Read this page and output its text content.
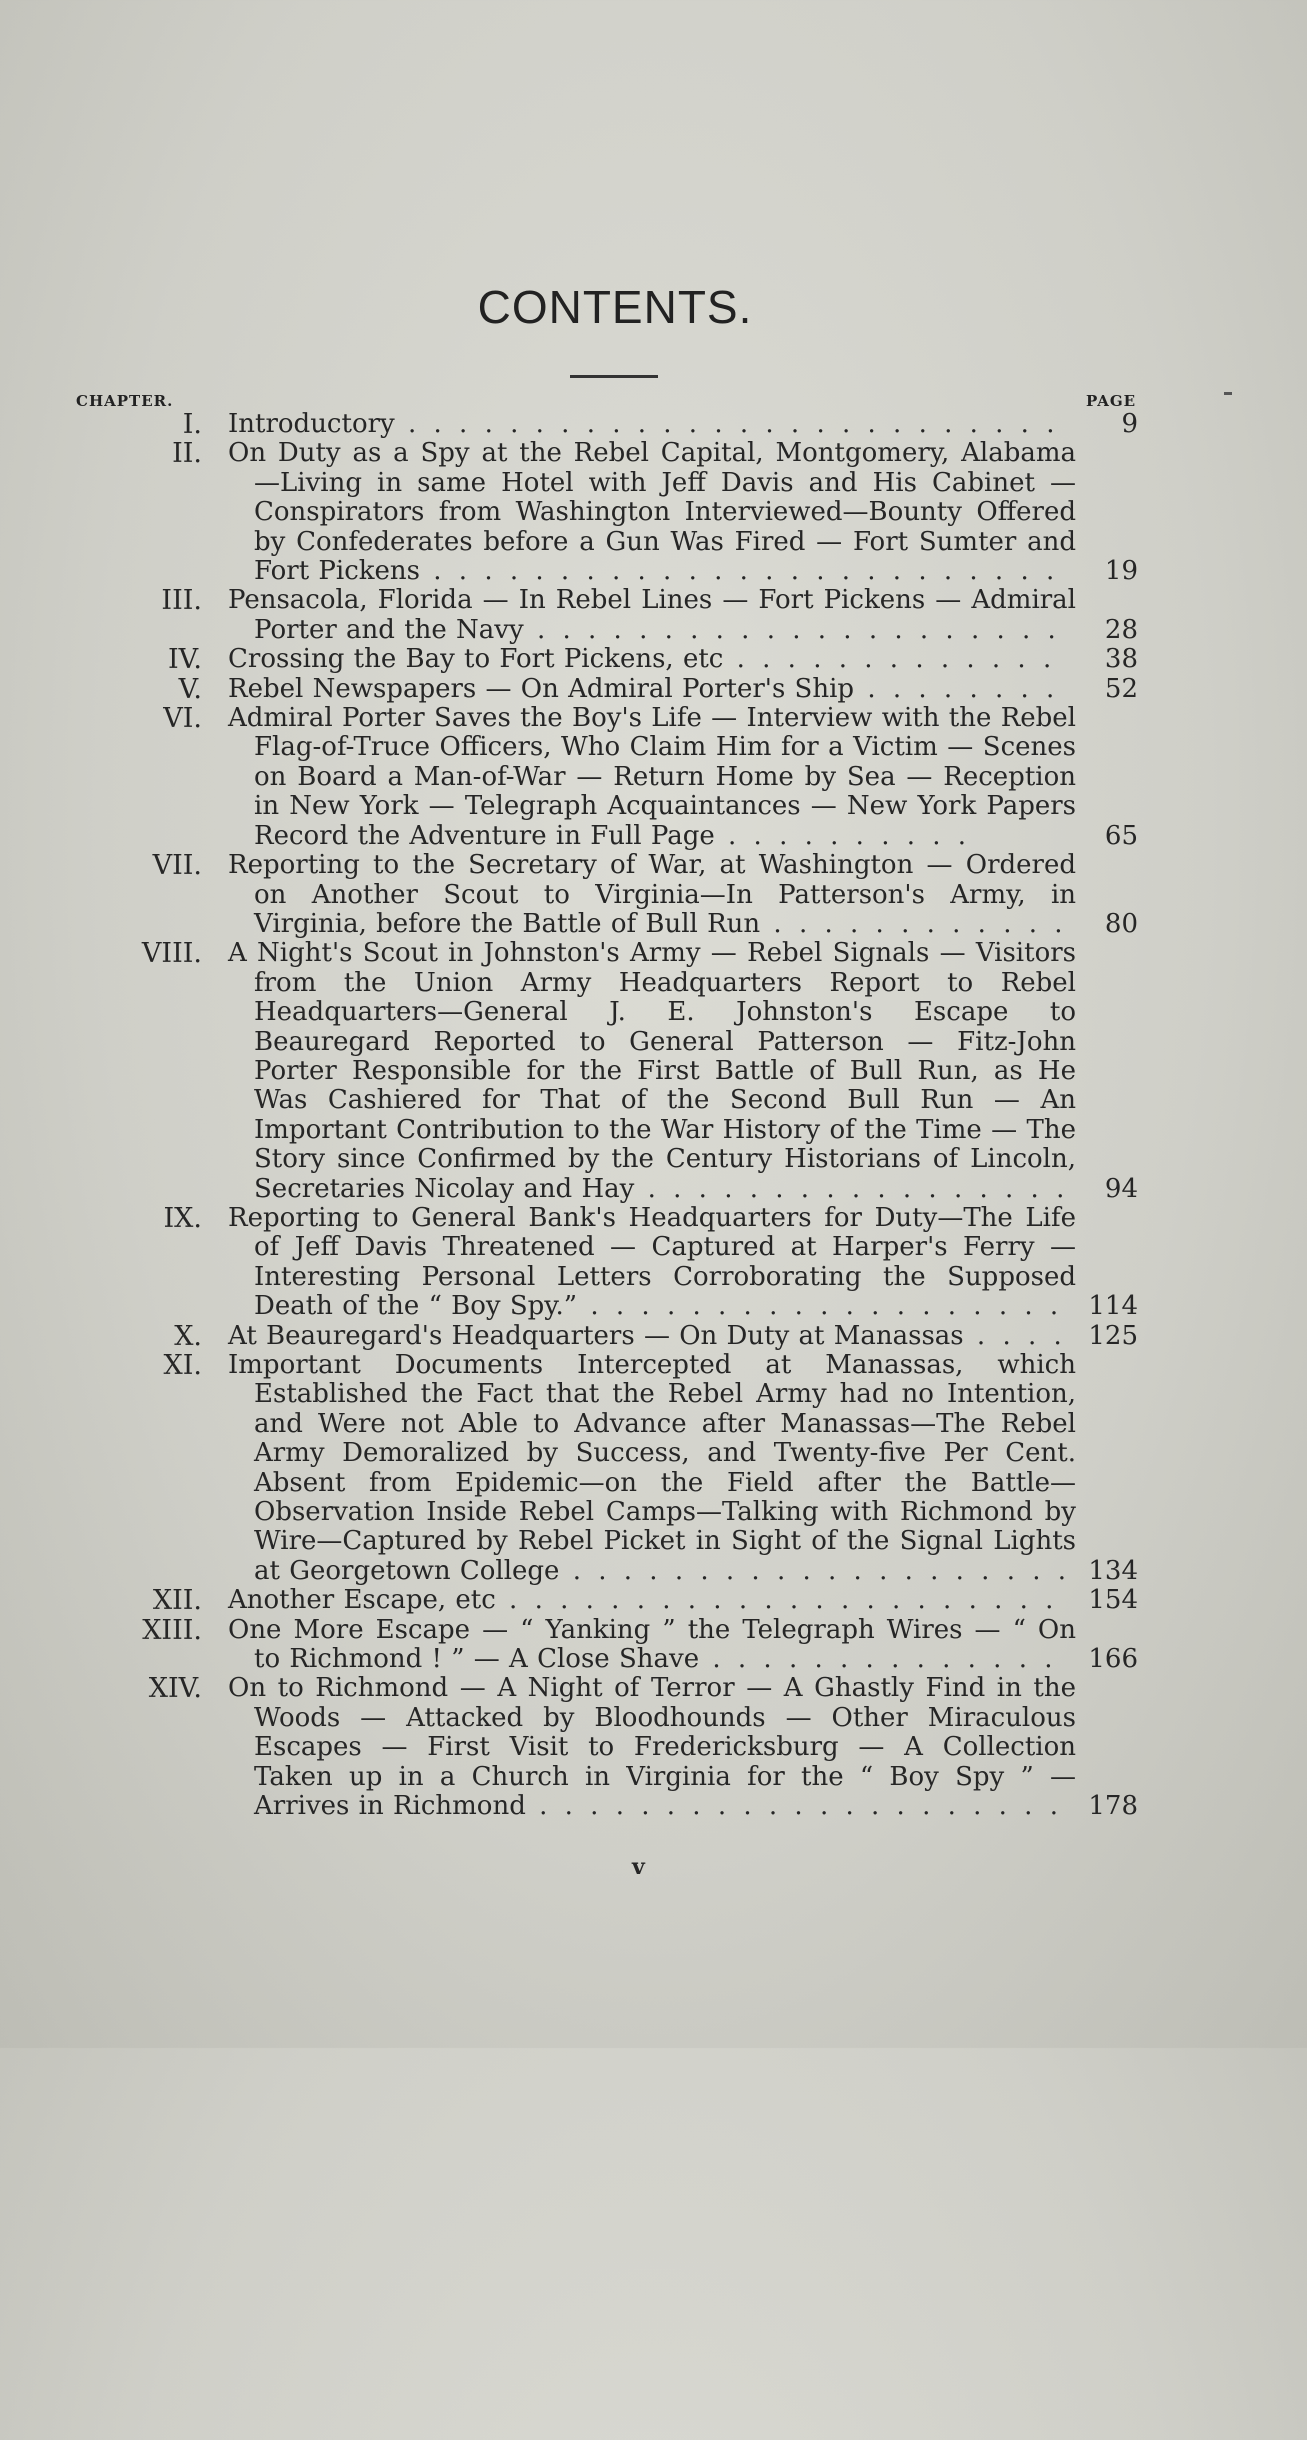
CONTENTS.
CHAPTER.	PAGE
I.	Introductory . . . . . . . . . . . . . . . . . . . . . . . . . .	9
II.	On Duty as a Spy at the Rebel Capital, Montgomery, Alabama —Living in same Hotel with Jeff Davis and His Cabinet —Conspirators from Washington Interviewed—Bounty Offered by Confederates before a Gun Was Fired — Fort Sumter and Fort Pickens . . . . . . . . . . . . . . . . . . . . . . . . .	19
III.	Pensacola, Florida — In Rebel Lines — Fort Pickens — Admiral Porter and the Navy . . . . . . . . . . . . . . . . . . . . .	28
IV.	Crossing the Bay to Fort Pickens, etc . . . . . . . . . . . . .	38
V.	Rebel Newspapers — On Admiral Porter's Ship . . . . . . . .	52
VI.	Admiral Porter Saves the Boy's Life — Interview with the Rebel Flag-of-Truce Officers, Who Claim Him for a Victim — Scenes on Board a Man-of-War — Return Home by Sea — Reception in New York — Telegraph Acquaintances — New York Papers Record the Adventure in Full Page . . . . . . . . . .	65
VII.	Reporting to the Secretary of War, at Washington — Ordered on Another Scout to Virginia—In Patterson's Army, in Virginia, before the Battle of Bull Run . . . . . . . . . . . .	80
VIII.	A Night's Scout in Johnston's Army — Rebel Signals — Visitors from the Union Army Headquarters Report to Rebel Headquarters—General J. E. Johnston's Escape to Beauregard Reported to General Patterson — Fitz-John Porter Responsible for the First Battle of Bull Run, as He Was Cashiered for That of the Second Bull Run — An Important Contribution to the War History of the Time — The Story since Confirmed by the Century Historians of Lincoln, Secretaries Nicolay and Hay . . . . . . . . . . . . . . . . .	94
IX.	Reporting to General Bank's Headquarters for Duty—The Life of Jeff Davis Threatened — Captured at Harper's Ferry — Interesting Personal Letters Corroborating the Supposed Death of the “ Boy Spy.” . . . . . . . . . . . . . . . . . . .	114
X.	At Beauregard's Headquarters — On Duty at Manassas . . . . 125
XI.	Important Documents Intercepted at Manassas, which Established the Fact that the Rebel Army had no Intention, and Were not Able to Advance after Manassas—The Rebel Army Demoralized by Success, and Twenty-five Per Cent. Absent from Epidemic—on the Field after the Battle—Observation Inside Rebel Camps—Talking with Richmond by Wire—Captured by Rebel Picket in Sight of the Signal Lights at Georgetown College . . . . . . . . . . . . . . . . . . . . 134
XII.	Another Escape, etc . . . . . . . . . . . . . . . . . . . . . .	154
XIII.	One More Escape — “ Yanking ” the Telegraph Wires — “ On to Richmond ! ” — A Close Shave . . . . . . . . . . . . . .	166
XIV.	On to Richmond — A Night of Terror — A Ghastly Find in the Woods — Attacked by Bloodhounds — Other Miraculous Escapes — First Visit to Fredericksburg — A Collection Taken up in a Church in Virginia for the “ Boy Spy ” — Arrives in Richmond . . . . . . . . . . . . . . . . . . . . .	178
v
